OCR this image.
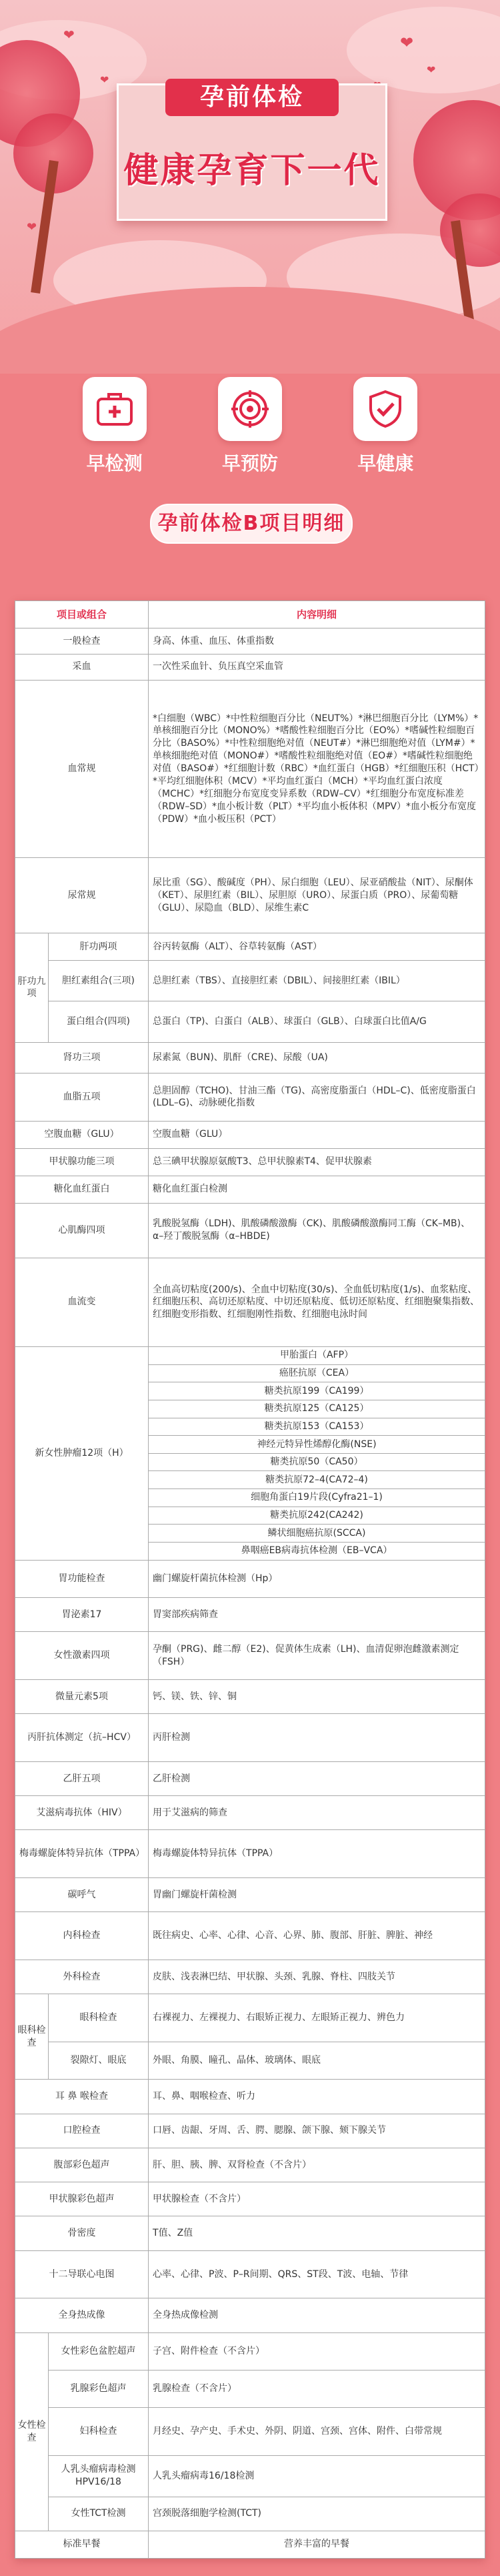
❤
❤
❤
❤
❤
孕前体检
健康孕育下一代
早检测	早预防	早健康
孕前体检B项目明细
项目或组合		内容明细
一般检查		身高、体重、血压、体重指数
采血		一次性采血针、负压真空采血管
血常规		*白细胞（WBC）*中性粒细胞百分比（NEUT%）*淋巴细胞百分比（LYM%）*单核细胞百分比（MONO%）*嗜酸性粒细胞百分比（EO%）*嗜碱性粒细胞百分比（BASO%）*中性粒细胞绝对值（NEUT#）*淋巴细胞绝对值（LYM#）*单核细胞绝对值（MONO#）*嗜酸性粒细胞绝对值（EO#）*嗜碱性粒细胞绝对值（BASO#）*红细胞计数（RBC）*血红蛋白（HGB）*红细胞压积（HCT）*平均红细胞体积（MCV）*平均血红蛋白（MCH）*平均血红蛋白浓度（MCHC）*红细胞分布宽度变异系数（RDW–CV）*红细胞分布宽度标准差（RDW–SD）*血小板计数（PLT）*平均血小板体积（MPV）*血小板分布宽度（PDW）*血小板压积（PCT）
尿常规		尿比重（SG）、酸碱度（PH）、尿白细胞（LEU）、尿亚硝酸盐（NIT）、尿酮体（KET）、尿胆红素（BIL）、尿胆原（URO）、尿蛋白质（PRO）、尿葡萄糖（GLU）、尿隐血（BLD）、尿维生素C
肝功九项	肝功两项	谷丙转氨酶（ALT）、谷草转氨酶（AST）
	胆红素组合(三项)	总胆红素（TBS）、直接胆红素（DBIL）、间接胆红素（IBIL）
	蛋白组合(四项)	总蛋白（TP)、白蛋白（ALB）、球蛋白（GLB）、白球蛋白比值A/G
肾功三项		尿素氮（BUN)、肌酐（CRE)、尿酸（UA)
血脂五项		总胆固醇（TCHO)、甘油三酯（TG)、高密度脂蛋白（HDL–C)、低密度脂蛋白(LDL–G)、动脉硬化指数
空腹血糖（GLU）		空腹血糖（GLU）
甲状腺功能三项		总三碘甲状腺原氨酸T3、总甲状腺素T4、促甲状腺素
糖化血红蛋白		糖化血红蛋白检测
心肌酶四项		乳酸脱氢酶（LDH)、肌酸磷酸激酶（CK)、肌酸磷酸激酶同工酶（CK–MB)、α–羟丁酸脱氢酶（α–HBDE)
血流变		全血高切粘度(200/s)、全血中切粘度(30/s)、全血低切粘度(1/s)、血浆粘度、红细胞压积、高切还原粘度、中切还原粘度、低切还原粘度、红细胞聚集指数、红细胞变形指数、红细胞刚性指数、红细胞电泳时间
新女性肿瘤12项（H）		甲胎蛋白（AFP）
		癌胚抗原（CEA）
		糖类抗原199（CA199）
		糖类抗原125（CA125）
		糖类抗原153（CA153）
		神经元特异性烯醇化酶(NSE)
		糖类抗原50（CA50）
		糖类抗原72–4(CA72–4)
		细胞角蛋白19片段(Cyfra21–1)
		糖类抗原242(CA242)
		鳞状细胞癌抗原(SCCA)
		鼻咽癌EB病毒抗体检测（EB–VCA）
胃功能检查		幽门螺旋杆菌抗体检测（Hp）
胃泌素17		胃窦部疾病筛查
女性激素四项		孕酮（PRG)、雌二醇（E2)、促黄体生成素（LH)、血清促卵泡雌激素测定（FSH）
微量元素5项		钙、镁、铁、锌、铜
丙肝抗体测定（抗–HCV）		丙肝检测
乙肝五项		乙肝检测
艾滋病毒抗体（HIV）		用于艾滋病的筛查
梅毒螺旋体特异抗体（TPPA）		梅毒螺旋体特异抗体（TPPA）
碳呼气		胃幽门螺旋杆菌检测
内科检查		既往病史、心率、心律、心音、心界、肺、腹部、肝脏、脾脏、神经
外科检查		皮肤、浅表淋巴结、甲状腺、头颈、乳腺、脊柱、四肢关节
眼科检查	眼科检查	右裸视力、左裸视力、右眼矫正视力、左眼矫正视力、辨色力
	裂隙灯、眼底	外眼、角膜、瞳孔、晶体、玻璃体、眼底
耳 鼻 喉检查		耳、鼻、咽喉检查、听力
口腔检查		口唇、齿龈、牙周、舌、腭、腮腺、颌下腺、颏下腺关节
腹部彩色超声		肝、胆、胰、脾、双肾检查（不含片）
甲状腺彩色超声		甲状腺检查（不含片）
骨密度		T值、Z值
十二导联心电图		心率、心律、P波、P–R间期、QRS、ST段、T波、电轴、节律
全身热成像		全身热成像检测
女性检查	女性彩色盆腔超声	子宫、附件检查（不含片）
	乳腺彩色超声	乳腺检查（不含片）
	妇科检查	月经史、孕产史、手术史、外阴、阴道、宫颈、宫体、附件、白带常规
	人乳头瘤病毒检测HPV16/18	人乳头瘤病毒16/18检测
	女性TCT检测	宫颈脱落细胞学检测(TCT)
标准早餐		营养丰富的早餐
